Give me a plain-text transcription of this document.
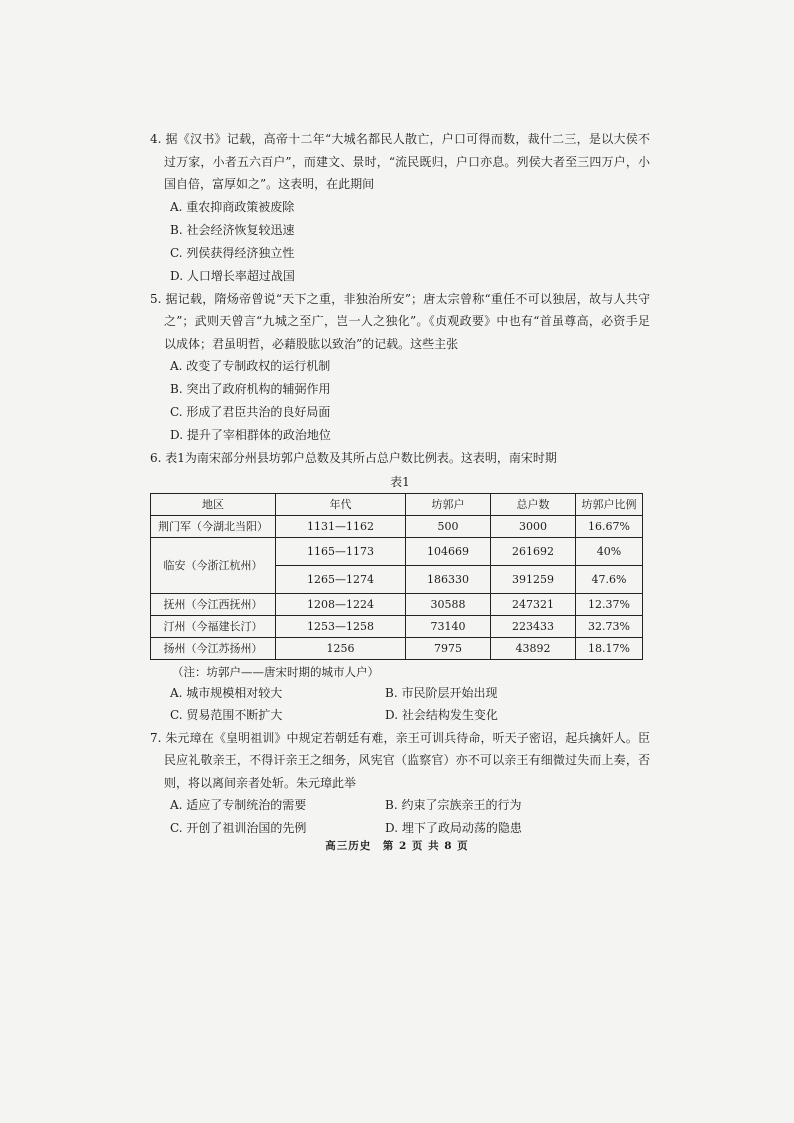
4. 据《汉书》记载，高帝十二年“大城名都民人散亡，户口可得而数，裁什二三，是以大侯不过万家，小者五六百户”，而建文、景时，“流民既归，户口亦息。列侯大者至三四万户，小国自倍，富厚如之”。这表明，在此期间

A. 重农抑商政策被废除

B. 社会经济恢复较迅速

C. 列侯获得经济独立性

D. 人口增长率超过战国

5. 据记载，隋炀帝曾说“天下之重，非独治所安”；唐太宗曾称“重任不可以独居，故与人共守之”；武则天曾言“九城之至广，岂一人之独化”。《贞观政要》中也有“首虽尊高，必资手足以成体；君虽明哲，必藉股肱以致治”的记载。这些主张

A. 改变了专制政权的运行机制

B. 突出了政府机构的辅弼作用

C. 形成了君臣共治的良好局面

D. 提升了宰相群体的政治地位

6. 表1为南宋部分州县坊郭户总数及其所占总户数比例表。这表明，南宋时期

表1
地区	年代	坊郭户	总户数	坊郭户比例
荆门军（今湖北当阳）	1131—1162	500	3000	16.67%
临安（今浙江杭州）	1165—1173	104669	261692	40%
	1265—1274	186330	391259	47.6%
抚州（今江西抚州）	1208—1224	30588	247321	12.37%
汀州（今福建长汀）	1253—1258	73140	223433	32.73%
扬州（今江苏扬州）	1256	7975	43892	18.17%

（注：坊郭户——唐宋时期的城市人户）

A. 城市规模相对较大	B. 市民阶层开始出现
C. 贸易范围不断扩大	D. 社会结构发生变化

7. 朱元璋在《皇明祖训》中规定若朝廷有难，亲王可训兵待命，听天子密诏，起兵擒奸人。臣民应礼敬亲王，不得讦亲王之细务，风宪官（监察官）亦不可以亲王有细微过失而上奏，否则，将以离间亲者处斩。朱元璋此举

A. 适应了专制统治的需要	B. 约束了宗族亲王的行为
C. 开创了祖训治国的先例	D. 埋下了政局动荡的隐患
高三历史　第 2 页 共 8 页
